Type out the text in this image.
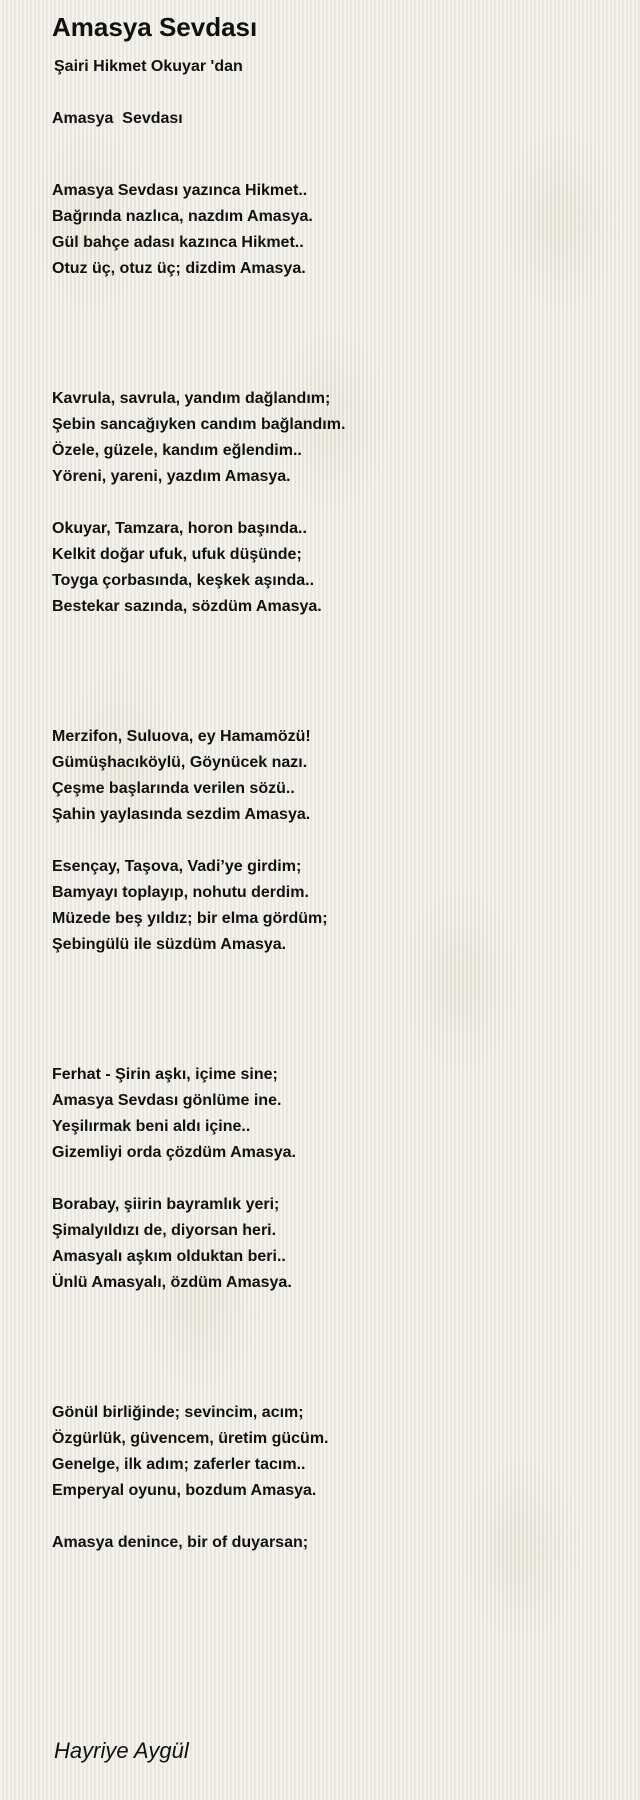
Amasya Sevdası
Şairi Hikmet Okuyar 'dan
Amasya  Sevdası
Amasya Sevdası yazınca Hikmet..
Bağrında nazlıca, nazdım Amasya.
Gül bahçe adası kazınca Hikmet..
Otuz üç, otuz üç; dizdim Amasya.
Kavrula, savrula, yandım dağlandım;
Şebin sancağıyken candım bağlandım.
Özele, güzele, kandım eğlendim..
Yöreni, yareni, yazdım Amasya.
Okuyar, Tamzara, horon başında..
Kelkit doğar ufuk, ufuk düşünde;
Toyga çorbasında, keşkek aşında..
Bestekar sazında, sözdüm Amasya.
Merzifon, Suluova, ey Hamamözü!
Gümüşhacıköylü, Göynücek nazı.
Çeşme başlarında verilen sözü..
Şahin yaylasında sezdim Amasya.
Esençay, Taşova, Vadi’ye girdim;
Bamyayı toplayıp, nohutu derdim.
Müzede beş yıldız; bir elma gördüm;
Şebingülü ile süzdüm Amasya.
Ferhat - Şirin aşkı, içime sine;
Amasya Sevdası gönlüme ine.
Yeşilırmak beni aldı içine..
Gizemliyi orda çözdüm Amasya.
Borabay, şiirin bayramlık yeri;
Şimalyıldızı de, diyorsan heri.
Amasyalı aşkım olduktan beri..
Ünlü Amasyalı, özdüm Amasya.
Gönül birliğinde; sevincim, acım;
Özgürlük, güvencem, üretim gücüm.
Genelge, ilk adım; zaferler tacım..
Emperyal oyunu, bozdum Amasya.
Amasya denince, bir of duyarsan;
Hayriye Aygül
